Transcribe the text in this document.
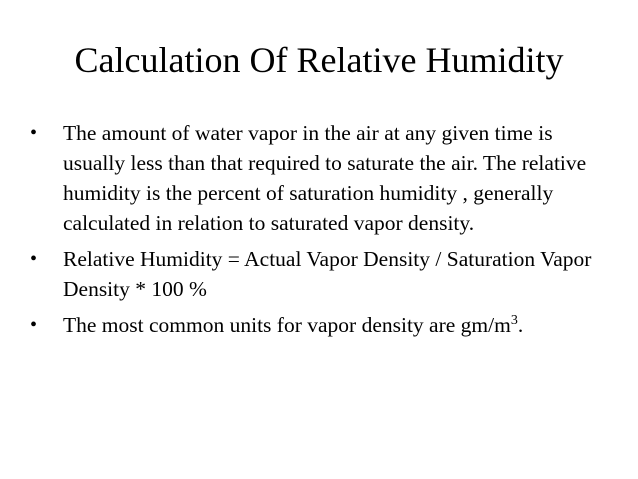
Calculation Of Relative Humidity
•	The amount of water vapor in the air at any given time is usually less than that required to saturate the air. The relative humidity is the percent of saturation humidity , generally calculated in relation to saturated vapor density.
•	Relative Humidity = Actual Vapor Density / Saturation Vapor Density * 100 %
•	The most common units for vapor density are $gm/m^3$.
